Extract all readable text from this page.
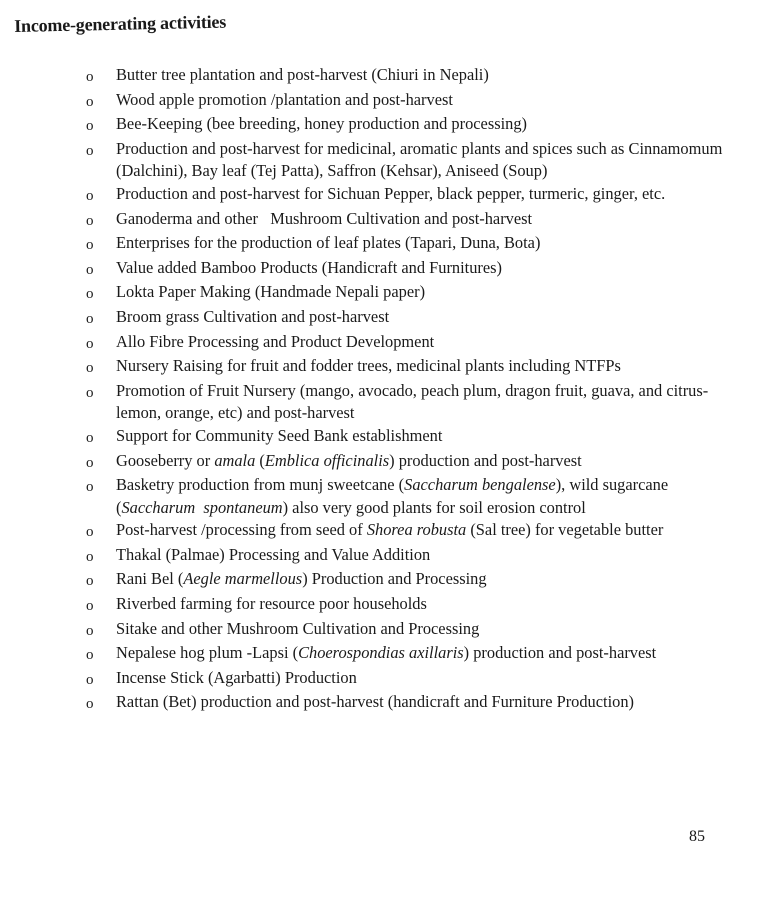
Income-generating activities
o	Butter tree plantation and post-harvest (Chiuri in Nepali)
o	Wood apple promotion /plantation and post-harvest
o	Bee-Keeping (bee breeding, honey production and processing)
o	Production and post-harvest for medicinal, aromatic plants and spices such as Cinnamomum (Dalchini), Bay leaf (Tej Patta), Saffron (Kehsar), Aniseed (Soup)
o	Production and post-harvest for Sichuan Pepper, black pepper, turmeric, ginger, etc.
o	Ganoderma and other   Mushroom Cultivation and post-harvest
o	Enterprises for the production of leaf plates (Tapari, Duna, Bota)
o	Value added Bamboo Products (Handicraft and Furnitures)
o	Lokta Paper Making (Handmade Nepali paper)
o	Broom grass Cultivation and post-harvest
o	Allo Fibre Processing and Product Development
o	Nursery Raising for fruit and fodder trees, medicinal plants including NTFPs
o	Promotion of Fruit Nursery (mango, avocado, peach plum, dragon fruit, guava, and citrus- lemon, orange, etc) and post-harvest
o	Support for Community Seed Bank establishment
o	Gooseberry or amala (Emblica officinalis) production and post-harvest
o	Basketry production from munj sweetcane (Saccharum bengalense), wild sugarcane (Saccharum  spontaneum) also very good plants for soil erosion control
o	Post-harvest /processing from seed of Shorea robusta (Sal tree) for vegetable butter
o	Thakal (Palmae) Processing and Value Addition
o	Rani Bel (Aegle marmellous) Production and Processing
o	Riverbed farming for resource poor households
o	Sitake and other Mushroom Cultivation and Processing
o	Nepalese hog plum -Lapsi (Choerospondias axillaris) production and post-harvest
o	Incense Stick (Agarbatti) Production
o	Rattan (Bet) production and post-harvest (handicraft and Furniture Production)
85
